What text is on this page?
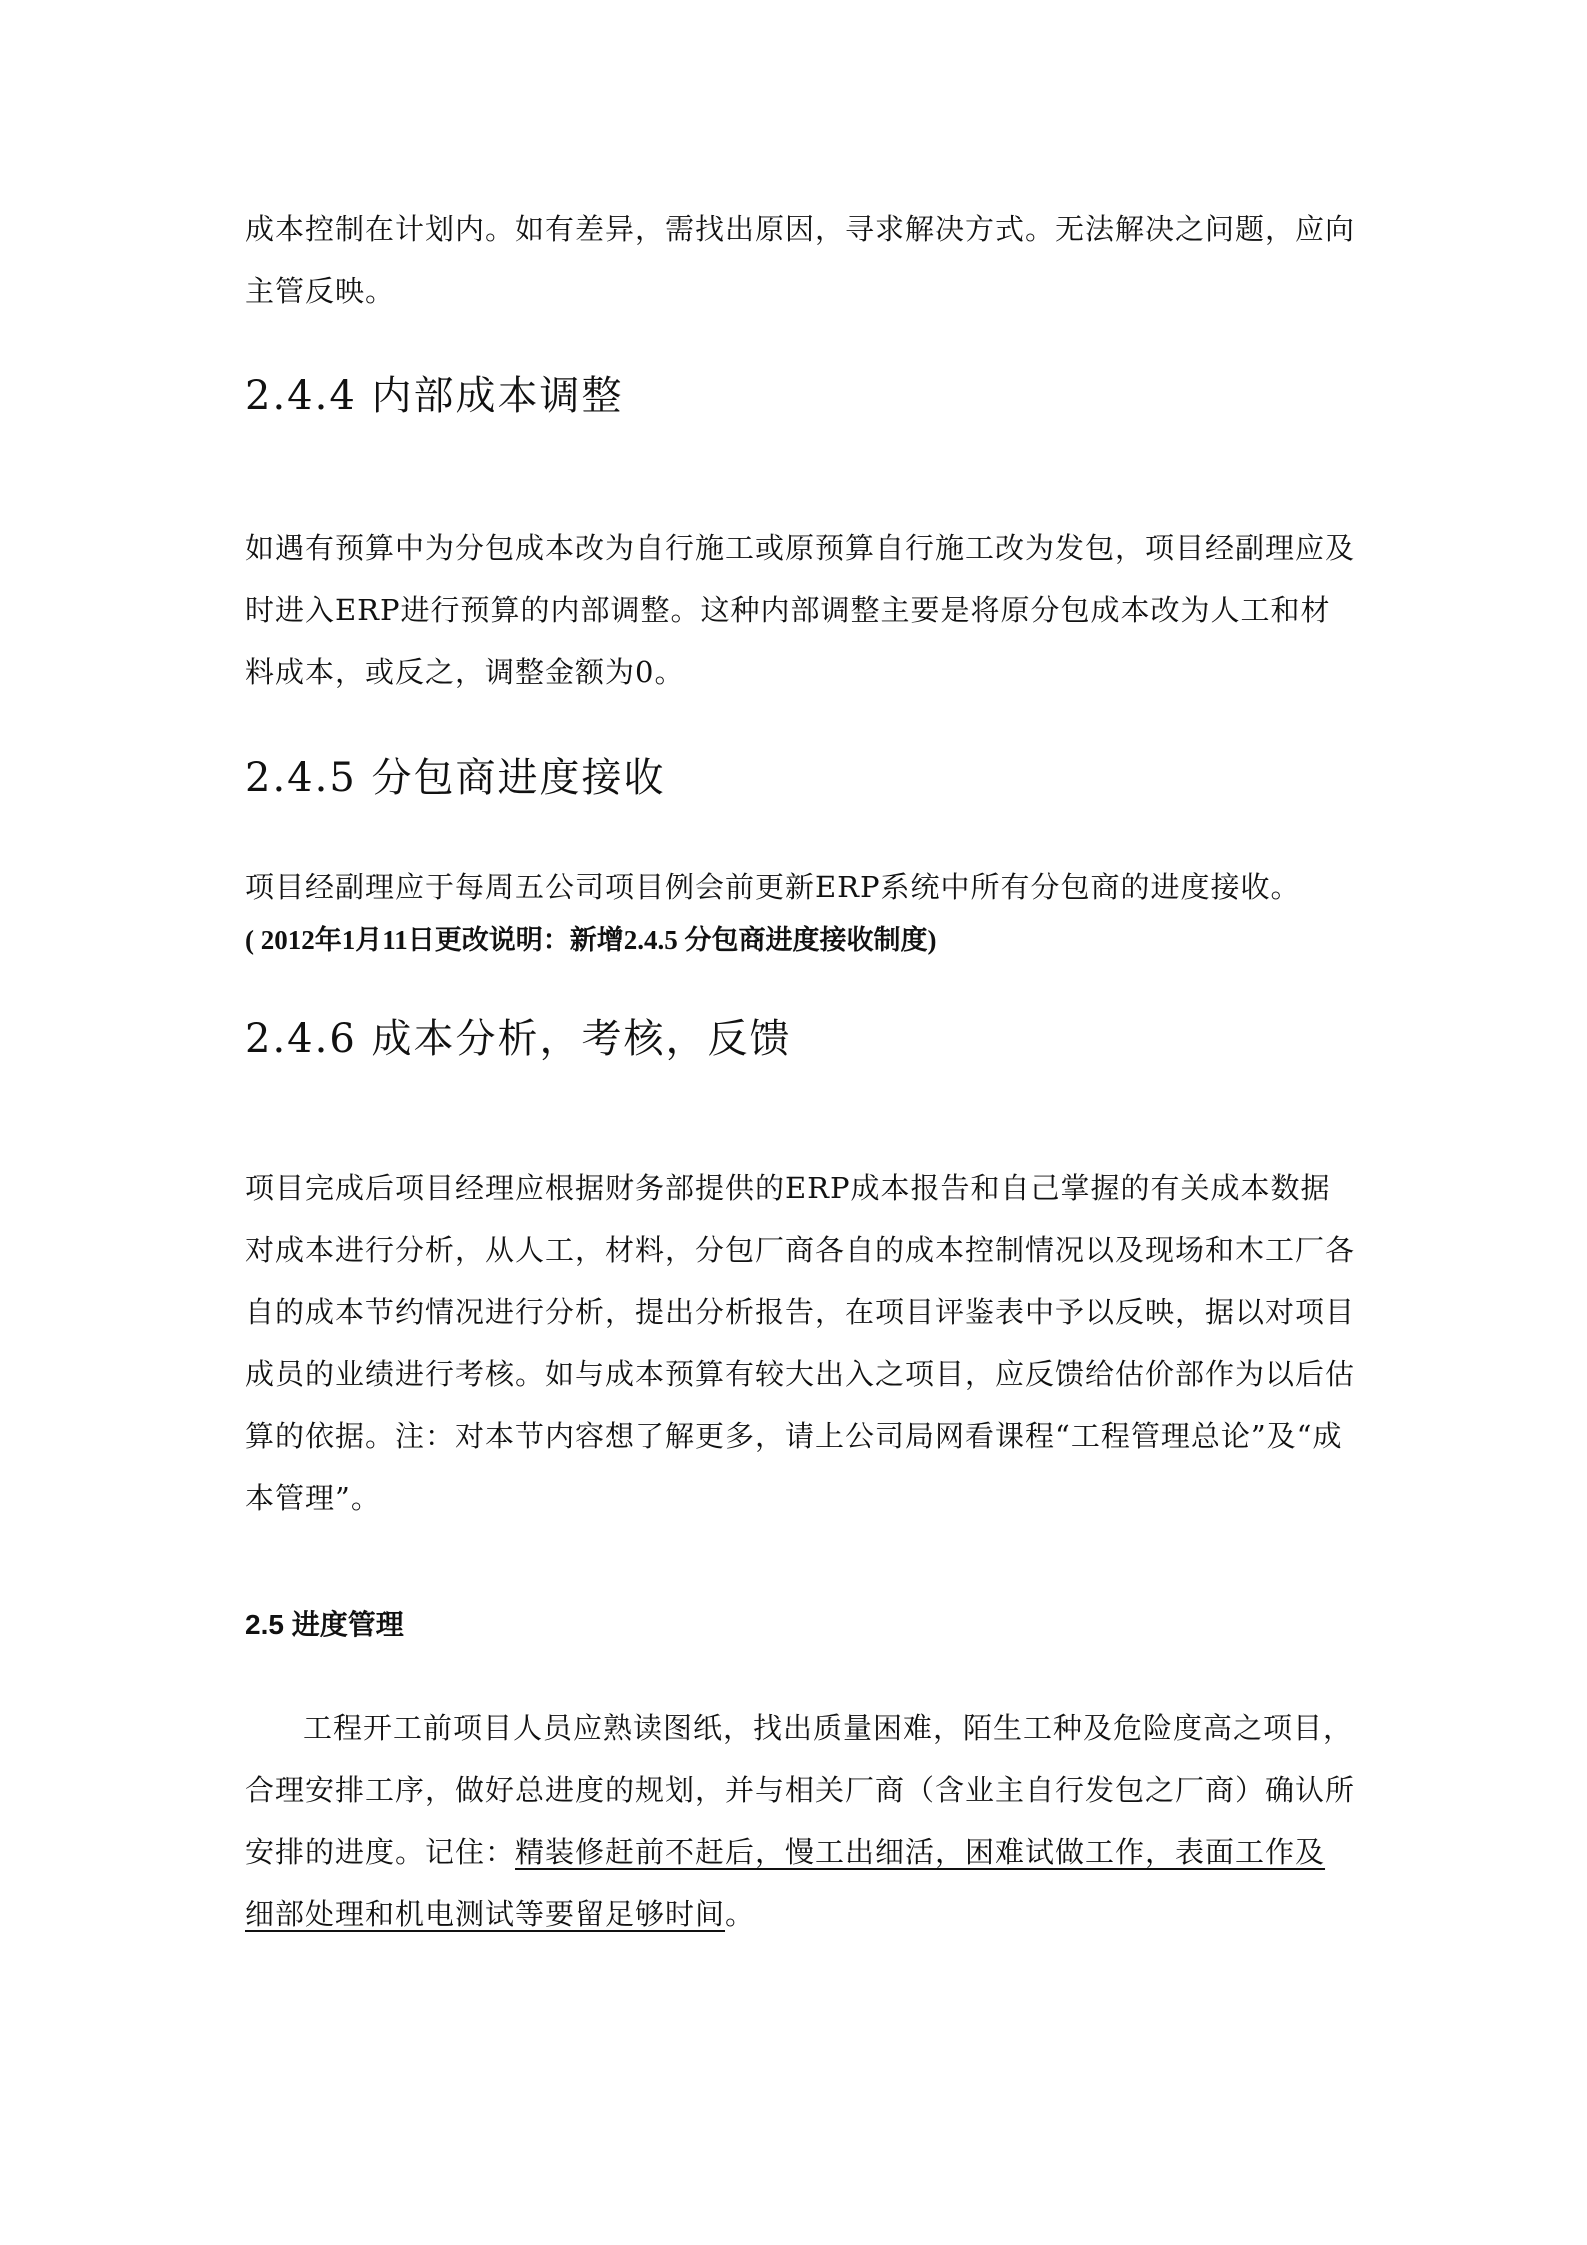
成本控制在计划内。如有差异，需找出原因，寻求解决方式。无法解决之问题，应向主管反映。
2.4.4 内部成本调整
如遇有预算中为分包成本改为自行施工或原预算自行施工改为发包，项目经副理应及时进入ERP进行预算的内部调整。这种内部调整主要是将原分包成本改为人工和材料成本，或反之，调整金额为0。
2.4.5 分包商进度接收
项目经副理应于每周五公司项目例会前更新ERP系统中所有分包商的进度接收。
( 2012年1月11日更改说明：新增2.4.5 分包商进度接收制度)
2.4.6 成本分析，考核，反馈
项目完成后项目经理应根据财务部提供的ERP成本报告和自己掌握的有关成本数据对成本进行分析，从人工，材料，分包厂商各自的成本控制情况以及现场和木工厂各自的成本节约情况进行分析，提出分析报告，在项目评鉴表中予以反映，据以对项目成员的业绩进行考核。如与成本预算有较大出入之项目，应反馈给估价部作为以后估算的依据。注：对本节内容想了解更多，请上公司局网看课程“工程管理总论”及“成本管理”。
2.5 进度管理
工程开工前项目人员应熟读图纸，找出质量困难，陌生工种及危险度高之项目，合理安排工序，做好总进度的规划，并与相关厂商（含业主自行发包之厂商）确认所安排的进度。记住：精装修赶前不赶后，慢工出细活，困难试做工作，表面工作及细部处理和机电测试等要留足够时间。
